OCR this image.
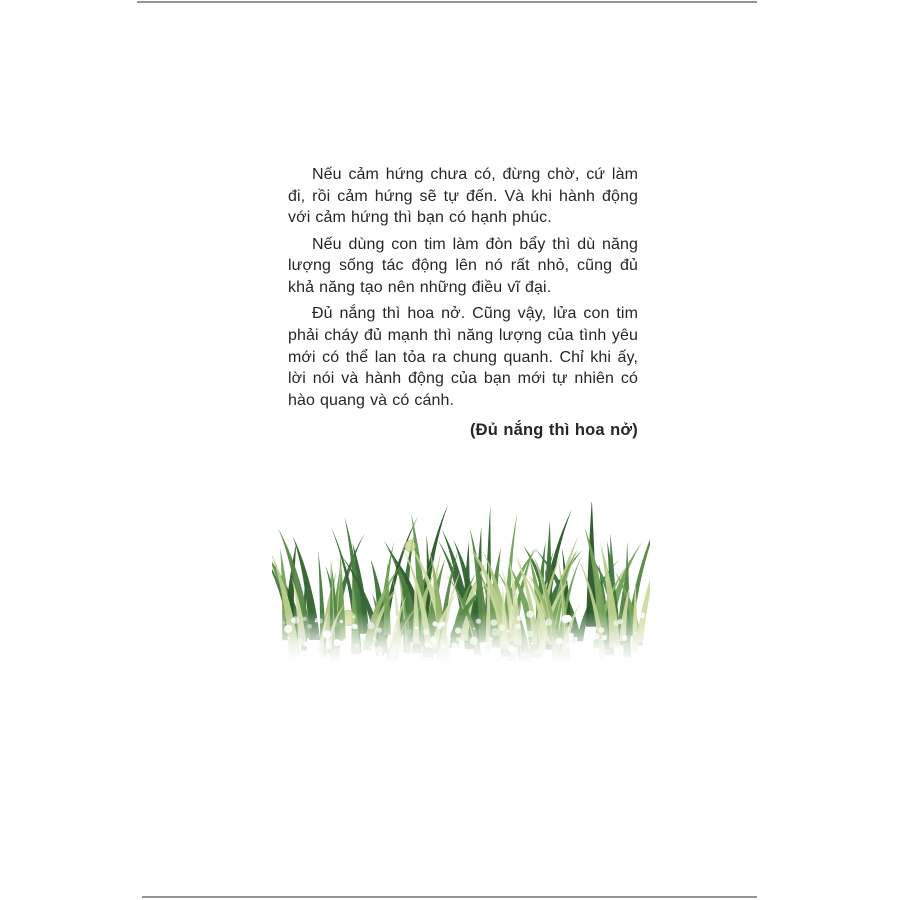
Nếu cảm hứng chưa có, đừng chờ, cứ làm đi, rồi cảm hứng sẽ tự đến. Và khi hành động với cảm hứng thì bạn có hạnh phúc.

Nếu dùng con tim làm đòn bẩy thì dù năng lượng sống tác động lên nó rất nhỏ, cũng đủ khả năng tạo nên những điều vĩ đại.

Đủ nắng thì hoa nở. Cũng vậy, lửa con tim phải cháy đủ mạnh thì năng lượng của tình yêu mới có thể lan tỏa ra chung quanh. Chỉ khi ấy, lời nói và hành động của bạn mới tự nhiên có hào quang và có cánh.

(Đủ nắng thì hoa nở)
